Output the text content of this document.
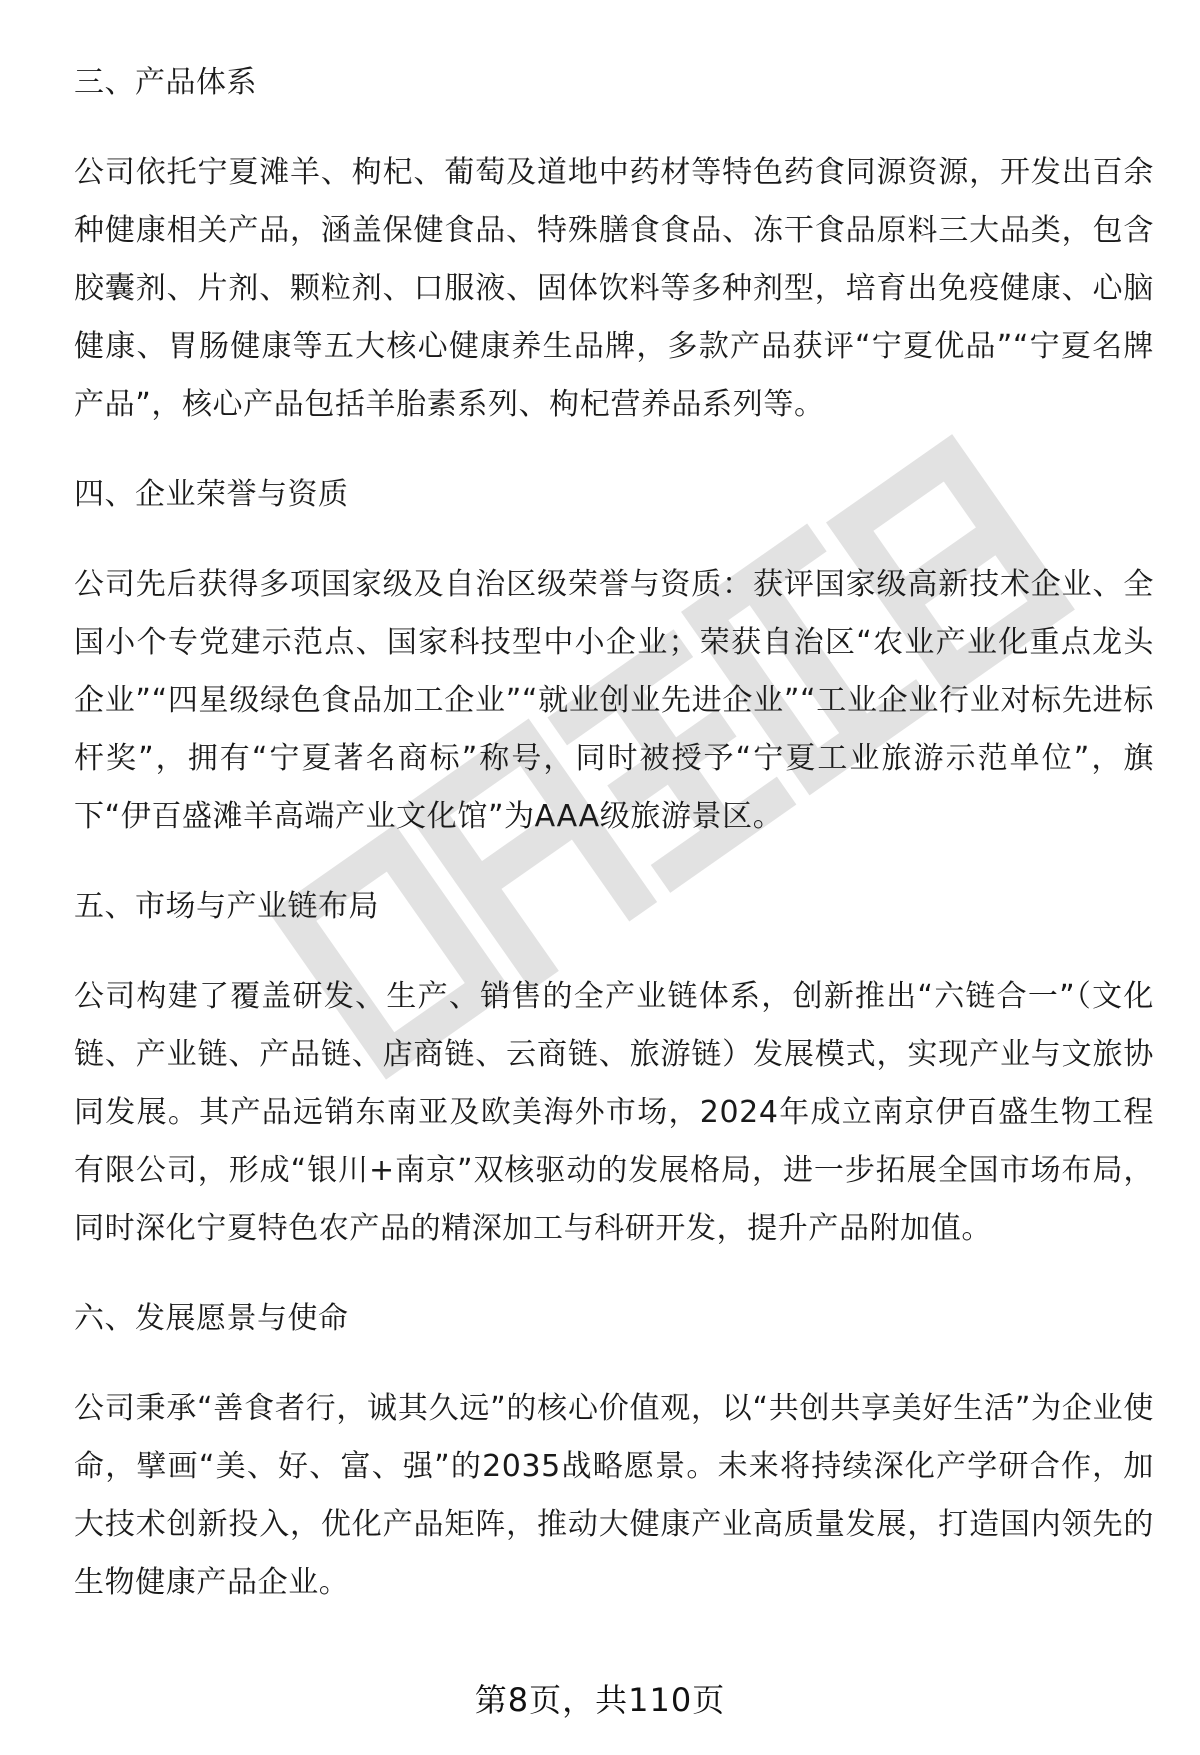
三、产品体系

公司依托宁夏滩羊、枸杞、葡萄及道地中药材等特色药食同源资源，开发出百余种健康相关产品，涵盖保健食品、特殊膳食食品、冻干食品原料三大品类，包含胶囊剂、片剂、颗粒剂、口服液、固体饮料等多种剂型，培育出免疫健康、心脑健康、胃肠健康等五大核心健康养生品牌，多款产品获评“宁夏优品”“宁夏名牌产品”，核心产品包括羊胎素系列、枸杞营养品系列等。

四、企业荣誉与资质

公司先后获得多项国家级及自治区级荣誉与资质：获评国家级高新技术企业、全国小个专党建示范点、国家科技型中小企业；荣获自治区“农业产业化重点龙头企业”“四星级绿色食品加工企业”“就业创业先进企业”“工业企业行业对标先进标杆奖”，拥有“宁夏著名商标”称号，同时被授予“宁夏工业旅游示范单位”，旗下“伊百盛滩羊高端产业文化馆”为AAA级旅游景区。

五、市场与产业链布局

公司构建了覆盖研发、生产、销售的全产业链体系，创新推出“六链合一”（文化链、产业链、产品链、店商链、云商链、旅游链）发展模式，实现产业与文旅协同发展。其产品远销东南亚及欧美海外市场，2024年成立南京伊百盛生物工程有限公司，形成“银川+南京”双核驱动的发展格局，进一步拓展全国市场布局，同时深化宁夏特色农产品的精深加工与科研开发，提升产品附加值。

六、发展愿景与使命

公司秉承“善食者行，诚其久远”的核心价值观，以“共创共享美好生活”为企业使命，擘画“美、好、富、强”的2035战略愿景。未来将持续深化产学研合作，加大技术创新投入，优化产品矩阵，推动大健康产业高质量发展，打造国内领先的生物健康产品企业。

第8页，共110页
